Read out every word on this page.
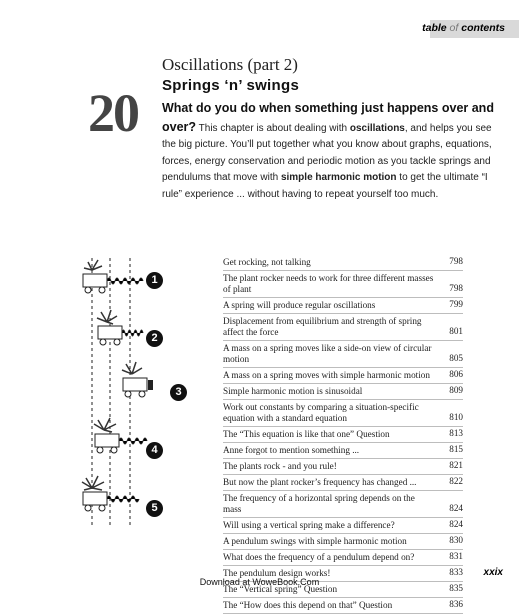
table of contents
20
Oscillations (part 2)
Springs ‘n’ swings
What do you do when something just happens over and over? This chapter is about dealing with oscillations, and helps you see the big picture. You’ll put together what you know about graphs, equations, forces, energy conservation and periodic motion as you tackle springs and pendulums that move with simple harmonic motion to get the ultimate “I rule” experience ... without having to repeat yourself too much.
1
2
3
4
5
Get rocking, not talking	798
The plant rocker needs to work for three different masses of plant	798
A spring will produce regular oscillations	799
Displacement from equilibrium and strength of spring affect the force	801
A mass on a spring moves like a side-on view of circular motion	805
A mass on a spring moves with simple harmonic motion 806
Simple harmonic motion is sinusoidal	809
Work out constants by comparing a situation-specific equation with a standard equation	810
The “This equation is like that one” Question	813
Anne forgot to mention something ...	815
The plants rock - and you rule!	821
But now the plant rocker’s frequency has changed ...	822
The frequency of a horizontal spring depends on the mass	824
Will using a vertical spring make a difference?	824
A pendulum swings with simple harmonic motion	830
What does the frequency of a pendulum depend on?	831
The pendulum design works!	833
The “Vertical spring” Question	835
The “How does this depend on that” Question	836
Download at WoweBook.Com
xxix
